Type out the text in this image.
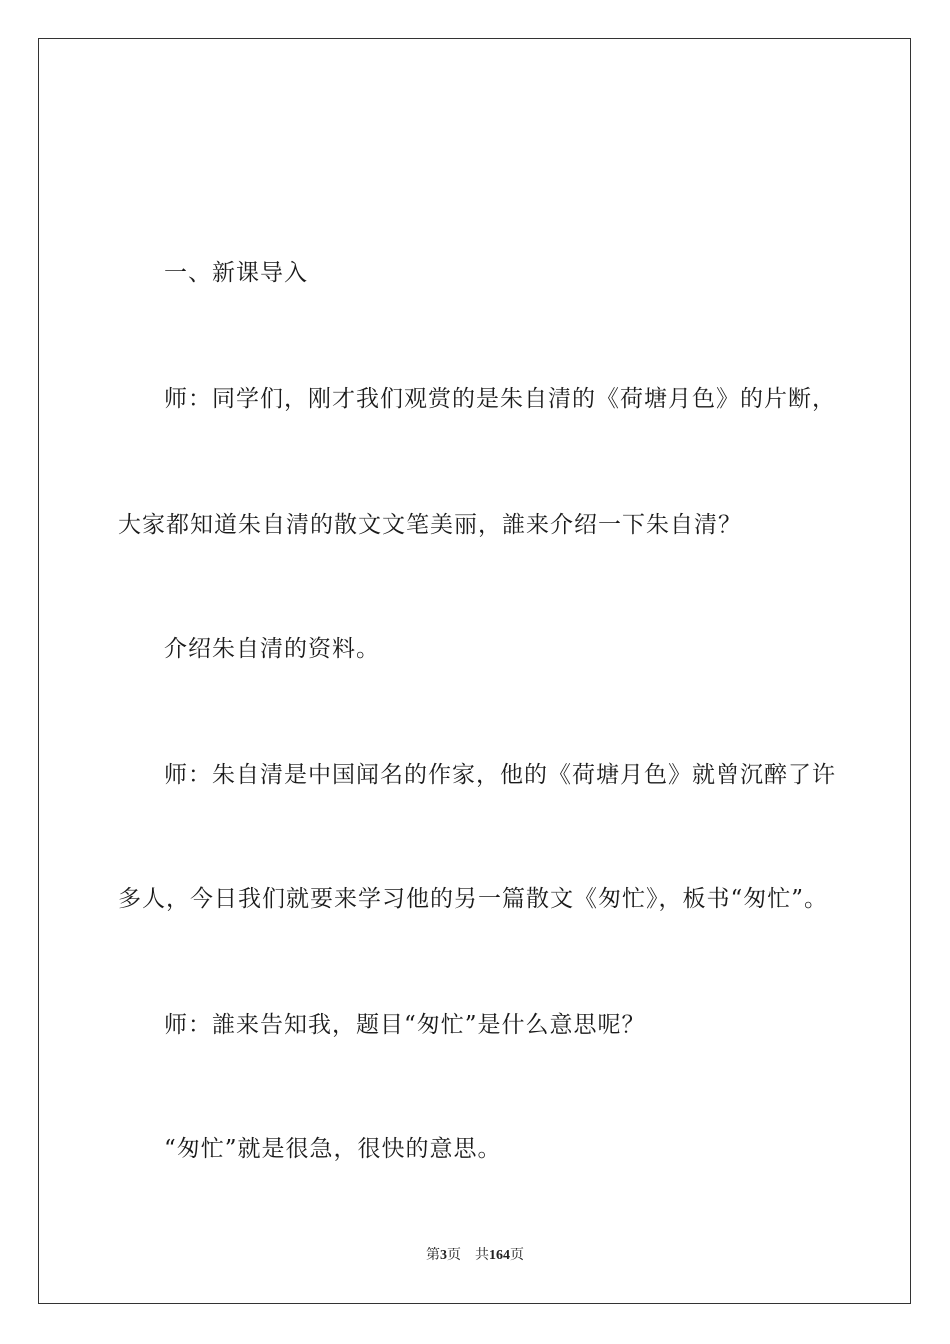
一、新课导入
师：同学们，刚才我们观赏的是朱自清的《荷塘月色》的片断，
大家都知道朱自清的散文文笔美丽，誰来介绍一下朱自清？
介绍朱自清的资料。
师：朱自清是中国闻名的作家，他的《荷塘月色》就曾沉醉了许
多人，今日我们就要来学习他的另一篇散文《匆忙》，板书“匆忙”。
师：誰来告知我，题目“匆忙”是什么意思呢？
“匆忙”就是很急，很快的意思。
第3页 共164页
